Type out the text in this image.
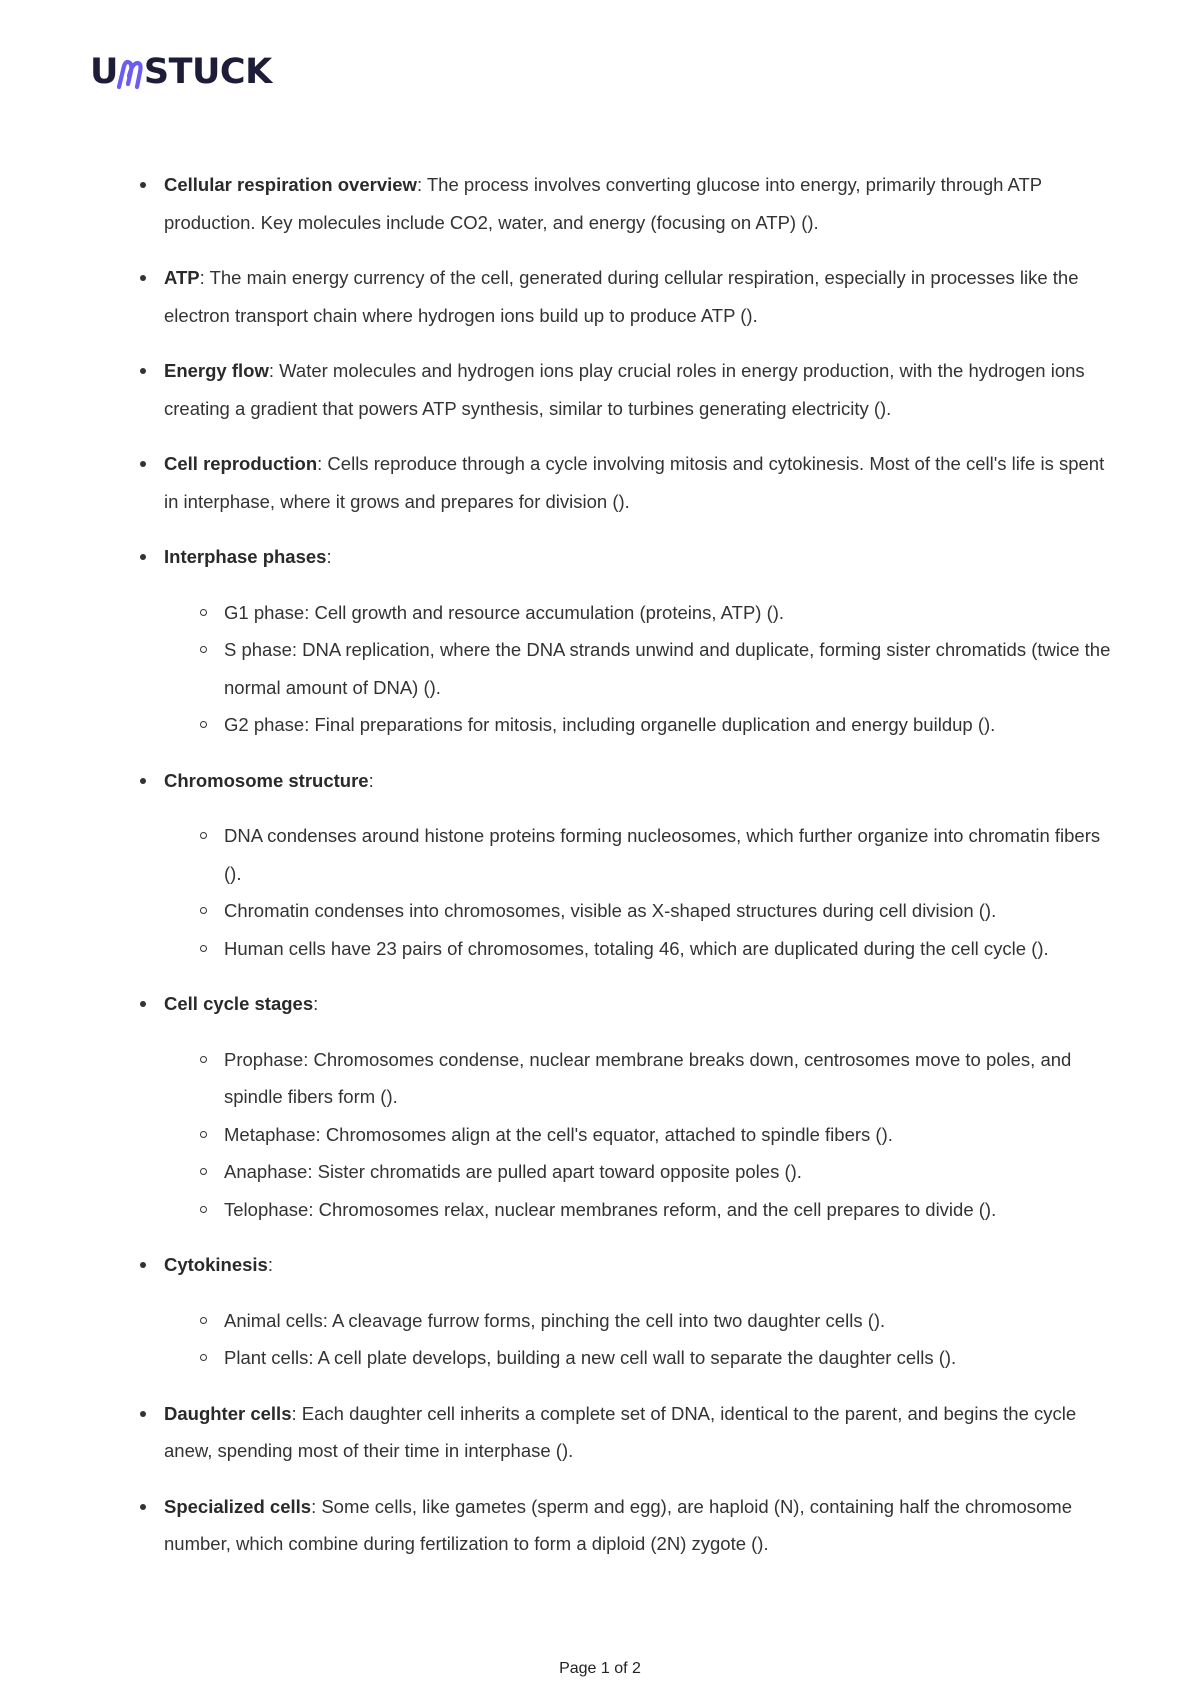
U STUCK
Cellular respiration overview: The process involves converting glucose into energy, primarily through ATP production. Key molecules include CO2, water, and energy (focusing on ATP) ().
ATP: The main energy currency of the cell, generated during cellular respiration, especially in processes like the electron transport chain where hydrogen ions build up to produce ATP ().
Energy flow: Water molecules and hydrogen ions play crucial roles in energy production, with the hydrogen ions creating a gradient that powers ATP synthesis, similar to turbines generating electricity ().
Cell reproduction: Cells reproduce through a cycle involving mitosis and cytokinesis. Most of the cell's life is spent in interphase, where it grows and prepares for division ().
Interphase phases:
G1 phase: Cell growth and resource accumulation (proteins, ATP) ().
S phase: DNA replication, where the DNA strands unwind and duplicate, forming sister chromatids (twice the normal amount of DNA) ().
G2 phase: Final preparations for mitosis, including organelle duplication and energy buildup ().
Chromosome structure:
DNA condenses around histone proteins forming nucleosomes, which further organize into chromatin fibers ().
Chromatin condenses into chromosomes, visible as X-shaped structures during cell division ().
Human cells have 23 pairs of chromosomes, totaling 46, which are duplicated during the cell cycle ().
Cell cycle stages:
Prophase: Chromosomes condense, nuclear membrane breaks down, centrosomes move to poles, and spindle fibers form ().
Metaphase: Chromosomes align at the cell's equator, attached to spindle fibers ().
Anaphase: Sister chromatids are pulled apart toward opposite poles ().
Telophase: Chromosomes relax, nuclear membranes reform, and the cell prepares to divide ().
Cytokinesis:
Animal cells: A cleavage furrow forms, pinching the cell into two daughter cells ().
Plant cells: A cell plate develops, building a new cell wall to separate the daughter cells ().
Daughter cells: Each daughter cell inherits a complete set of DNA, identical to the parent, and begins the cycle anew, spending most of their time in interphase ().
Specialized cells: Some cells, like gametes (sperm and egg), are haploid (N), containing half the chromosome number, which combine during fertilization to form a diploid (2N) zygote ().
Page 1 of 2
